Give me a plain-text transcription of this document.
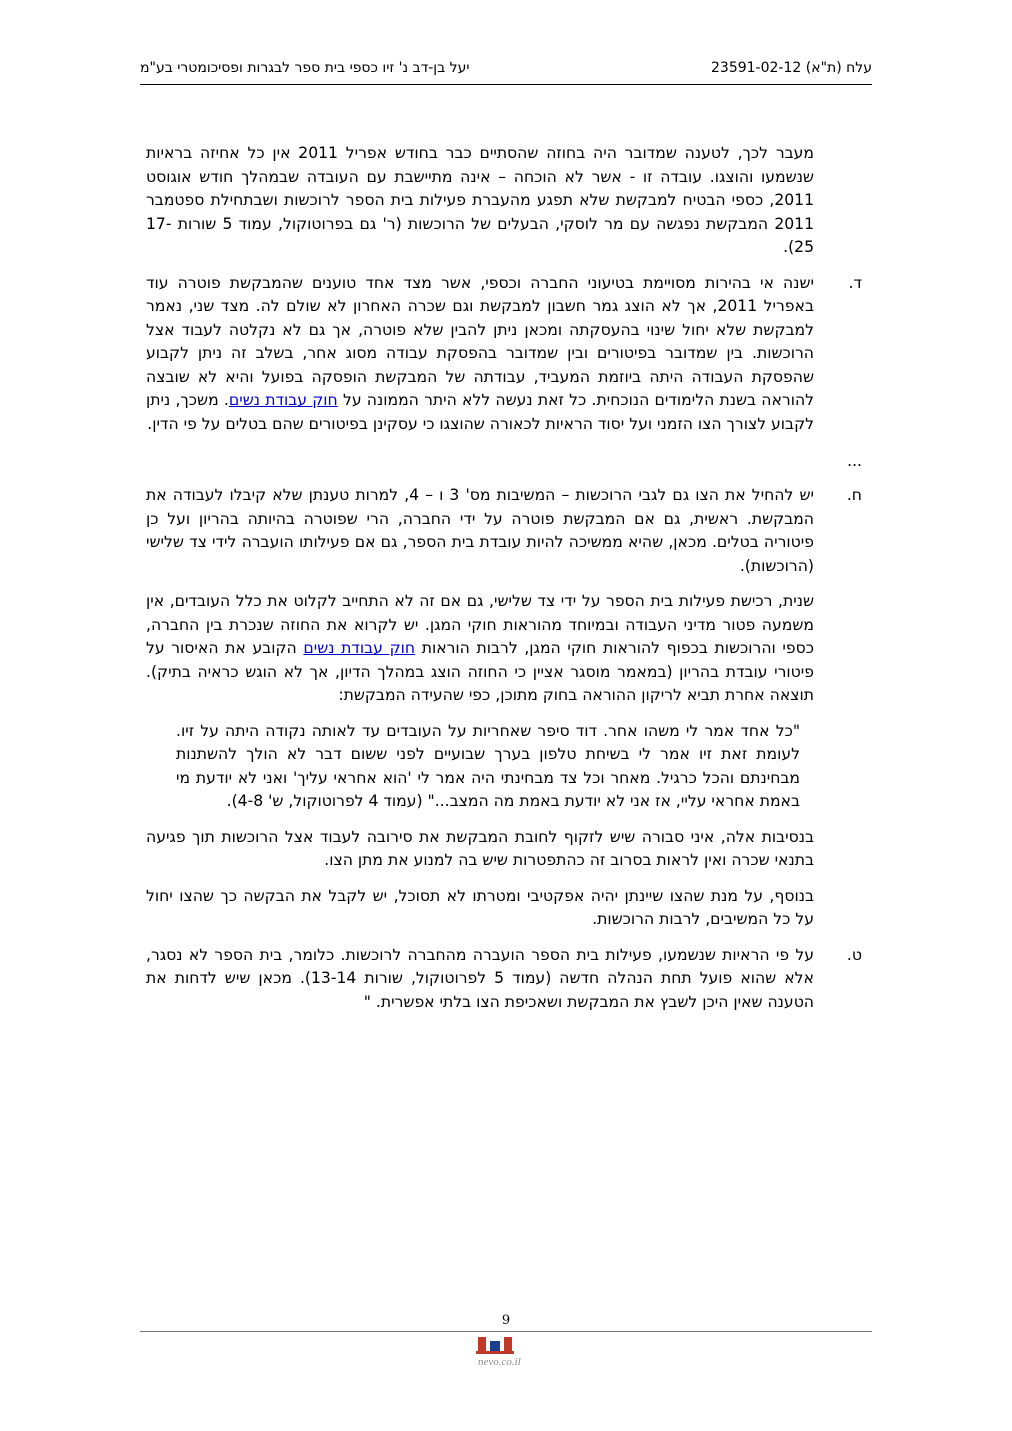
עלח (ת"א) 23591-02-12
יעל בן-דב נ' זיו כספי בית ספר לבגרות ופסיכומטרי בע"מ

מעבר לכך, לטענה שמדובר היה בחוזה שהסתיים כבר בחודש אפריל 2011 אין כל אחיזה בראיות שנשמעו והוצגו. עובדה זו - אשר לא הוכחה – אינה מתיישבת עם העובדה שבמהלך חודש אוגוסט 2011, כספי הבטיח למבקשת שלא תפגע מהעברת פעילות בית הספר לרוכשות ושבתחילת ספטמבר 2011 המבקשת נפגשה עם מר לוסקי, הבעלים של הרוכשות (ר' גם בפרוטוקול, עמוד 5 שורות 17-25).

ד.

ישנה אי בהירות מסויימת בטיעוני החברה וכספי, אשר מצד אחד טוענים שהמבקשת פוטרה עוד באפריל 2011, אך לא הוצג גמר חשבון למבקשת וגם שכרה האחרון לא שולם לה. מצד שני, נאמר למבקשת שלא יחול שינוי בהעסקתה ומכאן ניתן להבין שלא פוטרה, אך גם לא נקלטה לעבוד אצל הרוכשות. בין שמדובר בפיטורים ובין שמדובר בהפסקת עבודה מסוג אחר, בשלב זה ניתן לקבוע שהפסקת העבודה היתה ביוזמת המעביד, עבודתה של המבקשת הופסקה בפועל והיא לא שובצה להוראה בשנת הלימודים הנוכחית. כל זאת נעשה ללא היתר הממונה על חוק עבודת נשים. משכך, ניתן לקבוע לצורך הצו הזמני ועל יסוד הראיות לכאורה שהוצגו כי עסקינן בפיטורים שהם בטלים על פי הדין.

...
ח.

יש להחיל את הצו גם לגבי הרוכשות – המשיבות מס' 3 ו – 4, למרות טענתן שלא קיבלו לעבודה את המבקשת. ראשית, גם אם המבקשת פוטרה על ידי החברה, הרי שפוטרה בהיותה בהריון ועל כן פיטוריה בטלים. מכאן, שהיא ממשיכה להיות עובדת בית הספר, גם אם פעילותו הועברה לידי צד שלישי (הרוכשות).

שנית, רכישת פעילות בית הספר על ידי צד שלישי, גם אם זה לא התחייב לקלוט את כלל העובדים, אין משמעה פטור מדיני העבודה ובמיוחד מהוראות חוקי המגן. יש לקרוא את החוזה שנכרת בין החברה, כספי והרוכשות בכפוף להוראות חוקי המגן, לרבות הוראות חוק עבודת נשים הקובע את האיסור על פיטורי עובדת בהריון (במאמר מוסגר אציין כי החוזה הוצג במהלך הדיון, אך לא הוגש כראיה בתיק). תוצאה אחרת תביא לריקון ההוראה בחוק מתוכן, כפי שהעידה המבקשת:

"כל אחד אמר לי משהו אחר. דוד סיפר שאחריות על העובדים עד לאותה נקודה היתה על זיו. לעומת זאת זיו אמר לי בשיחת טלפון בערך שבועיים לפני ששום דבר לא הולך להשתנות מבחינתם והכל כרגיל. מאחר וכל צד מבחינתי היה אמר לי 'הוא אחראי עליך' ואני לא יודעת מי באמת אחראי עליי, אז אני לא יודעת באמת מה המצב..." (עמוד 4 לפרוטוקול, ש' 4-8).

בנסיבות אלה, איני סבורה שיש לזקוף לחובת המבקשת את סירובה לעבוד אצל הרוכשות תוך פגיעה בתנאי שכרה ואין לראות בסרוב זה כהתפטרות שיש בה למנוע את מתן הצו.

בנוסף, על מנת שהצו שיינתן יהיה אפקטיבי ומטרתו לא תסוכל, יש לקבל את הבקשה כך שהצו יחול על כל המשיבים, לרבות הרוכשות.

ט.

על פי הראיות שנשמעו, פעילות בית הספר הועברה מהחברה לרוכשות. כלומר, בית הספר לא נסגר, אלא שהוא פועל תחת הנהלה חדשה (עמוד 5 לפרוטוקול, שורות 13-14). מכאן שיש לדחות את הטענה שאין היכן לשבץ את המבקשת ושאכיפת הצו בלתי אפשרית. "

9
nevo.co.il
